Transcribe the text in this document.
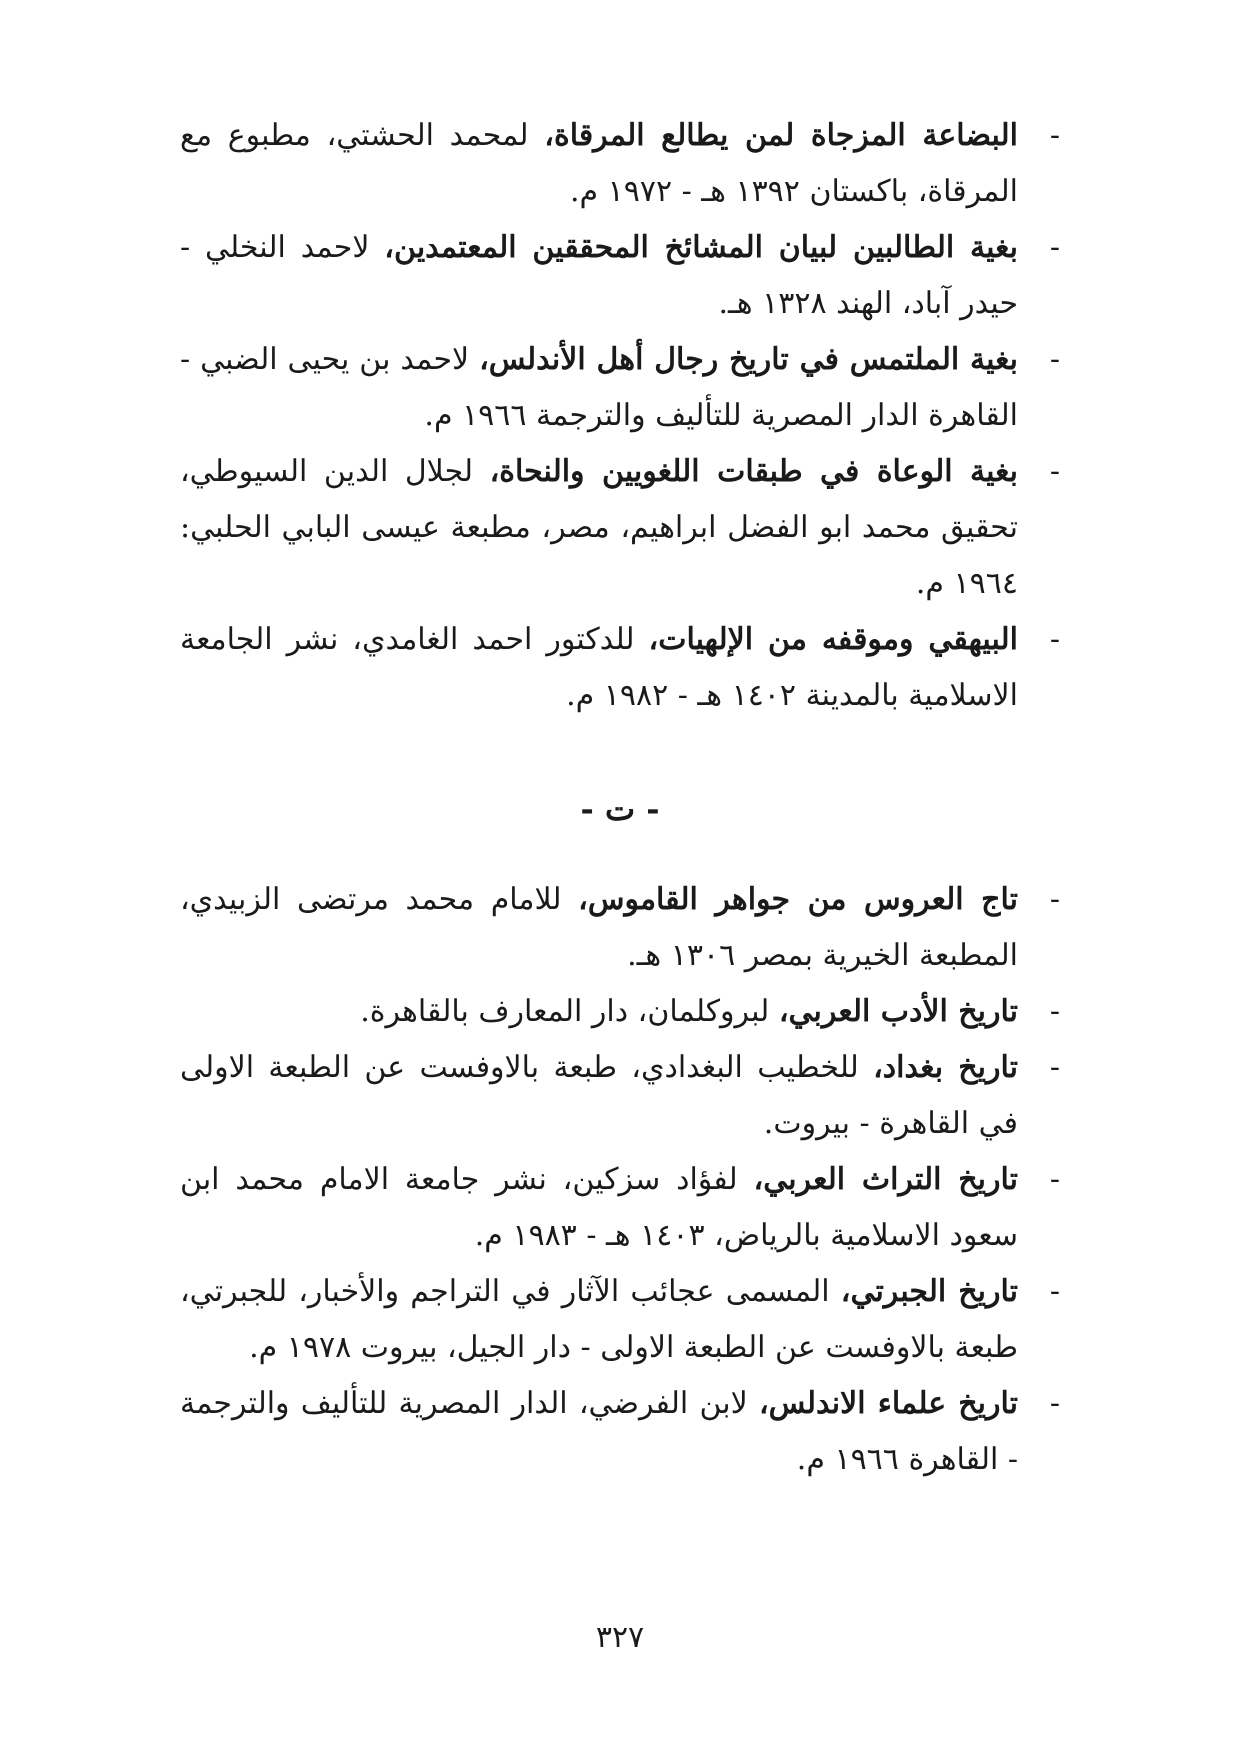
-
البضاعة المزجاة لمن يطالع المرقاة، لمحمد الحشتي، مطبوع مع المرقاة، باكستان ١٣٩٢ هـ - ١٩٧٢ م.

-
بغية الطالبين لبيان المشائخ المحققين المعتمدين، لاحمد النخلي - حيدر آباد، الهند ١٣٢٨ هـ.

-
بغية الملتمس في تاريخ رجال أهل الأندلس، لاحمد بن يحيى الضبي - القاهرة الدار المصرية للتأليف والترجمة ١٩٦٦ م.

-
بغية الوعاة في طبقات اللغويين والنحاة، لجلال الدين السيوطي، تحقيق محمد ابو الفضل ابراهيم، مصر، مطبعة عيسى البابي الحلبي: ١٩٦٤ م.

-
البيهقي وموقفه من الإلهيات، للدكتور احمد الغامدي، نشر الجامعة الاسلامية بالمدينة ١٤٠٢ هـ - ١٩٨٢ م.

- ت -

-
تاج العروس من جواهر القاموس، للامام محمد مرتضى الزبيدي، المطبعة الخيرية بمصر ١٣٠٦ هـ.

-
تاريخ الأدب العربي، لبروكلمان، دار المعارف بالقاهرة.

-
تاريخ بغداد، للخطيب البغدادي، طبعة بالاوفست عن الطبعة الاولى في القاهرة - بيروت.

-
تاريخ التراث العربي، لفؤاد سزكين، نشر جامعة الامام محمد ابن سعود الاسلامية بالرياض، ١٤٠٣ هـ - ١٩٨٣ م.

-
تاريخ الجبرتي، المسمى عجائب الآثار في التراجم والأخبار، للجبرتي، طبعة بالاوفست عن الطبعة الاولى - دار الجيل، بيروت ١٩٧٨ م.

-
تاريخ علماء الاندلس، لابن الفرضي، الدار المصرية للتأليف والترجمة - القاهرة ١٩٦٦ م.

٣٢٧
